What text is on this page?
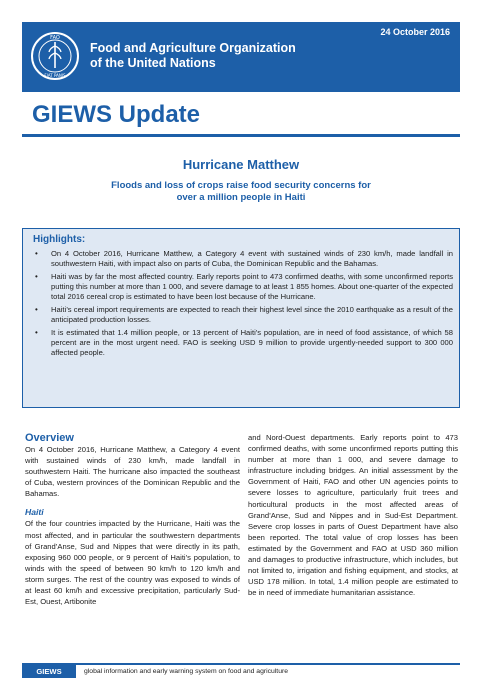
FAO
FIAT PANIS
Food and Agriculture Organization
of the United Nations
24 October 2016
GIEWS Update
Hurricane Matthew
Floods and loss of crops raise food security concerns for
over a million people in Haiti
Highlights:
• On 4 October 2016, Hurricane Matthew, a Category 4 event with sustained winds of 230 km/h, made landfall in southwestern Haiti, with impact also on parts of Cuba, the Dominican Republic and the Bahamas.
• Haiti was by far the most affected country. Early reports point to 473 confirmed deaths, with some unconfirmed reports putting this number at more than 1 000, and severe damage to at least 1 855 homes. About one-quarter of the expected total 2016 cereal crop is estimated to have been lost because of the Hurricane.
• Haiti’s cereal import requirements are expected to reach their highest level since the 2010 earthquake as a result of the anticipated production losses.
• It is estimated that 1.4 million people, or 13 percent of Haiti’s population, are in need of food assistance, of which 58 percent are in the most urgent need. FAO is seeking USD 9 million to provide urgently-needed support to 300 000 affected people.
Overview

On 4 October 2016, Hurricane Matthew, a Category 4 event with sustained winds of 230 km/h, made landfall in southwestern Haiti. The hurricane also impacted the southeast of Cuba, western provinces of the Dominican Republic and the Bahamas.

Haiti

Of the four countries impacted by the Hurricane, Haiti was the most affected, and in particular the southwestern departments of Grand’Anse, Sud and Nippes that were directly in its path, exposing 960 000 people, or 9 percent of Haiti’s population, to winds with the speed of between 90 km/h to 120 km/h and storm surges. The rest of the country was exposed to winds of at least 60 km/h and excessive precipitation, particularly Sud-Est, Ouest, Artibonite

and Nord-Ouest departments. Early reports point to 473 confirmed deaths, with some unconfirmed reports putting this number at more than 1 000, and severe damage to infrastructure including bridges. An initial assessment by the Government of Haiti, FAO and other UN agencies points to severe losses to agriculture, particularly fruit trees and horticultural products in the most affected areas of Grand’Anse, Sud and Nippes and in Sud-Est Department. Severe crop losses in parts of Ouest Department have also been reported. The total value of crop losses has been estimated by the Government and FAO at USD 360 million and damages to productive infrastructure, which includes, but not limited to, irrigation and fishing equipment, and stocks, at USD 178 million. In total, 1.4 million people are estimated to be in need of immediate humanitarian assistance.

GIEWS	global information and early warning system on food and agriculture
